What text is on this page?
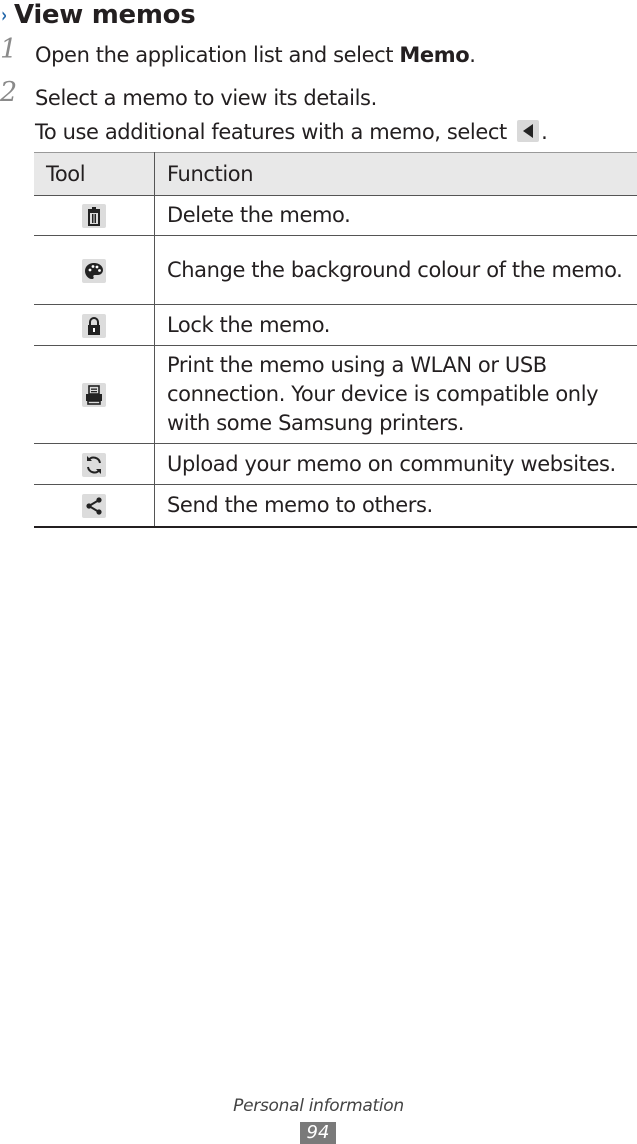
› View memos
1 Open the application list and select Memo.
2 Select a memo to view its details.
To use additional features with a memo, select .
Tool	Function

	Delete the memo.

	Change the background colour of the memo.

	Lock the memo.

	Print the memo using a WLAN or USB connection. Your device is compatible only with some Samsung printers.

	Upload your memo on community websites.

	Send the memo to others.
Personal information
94
